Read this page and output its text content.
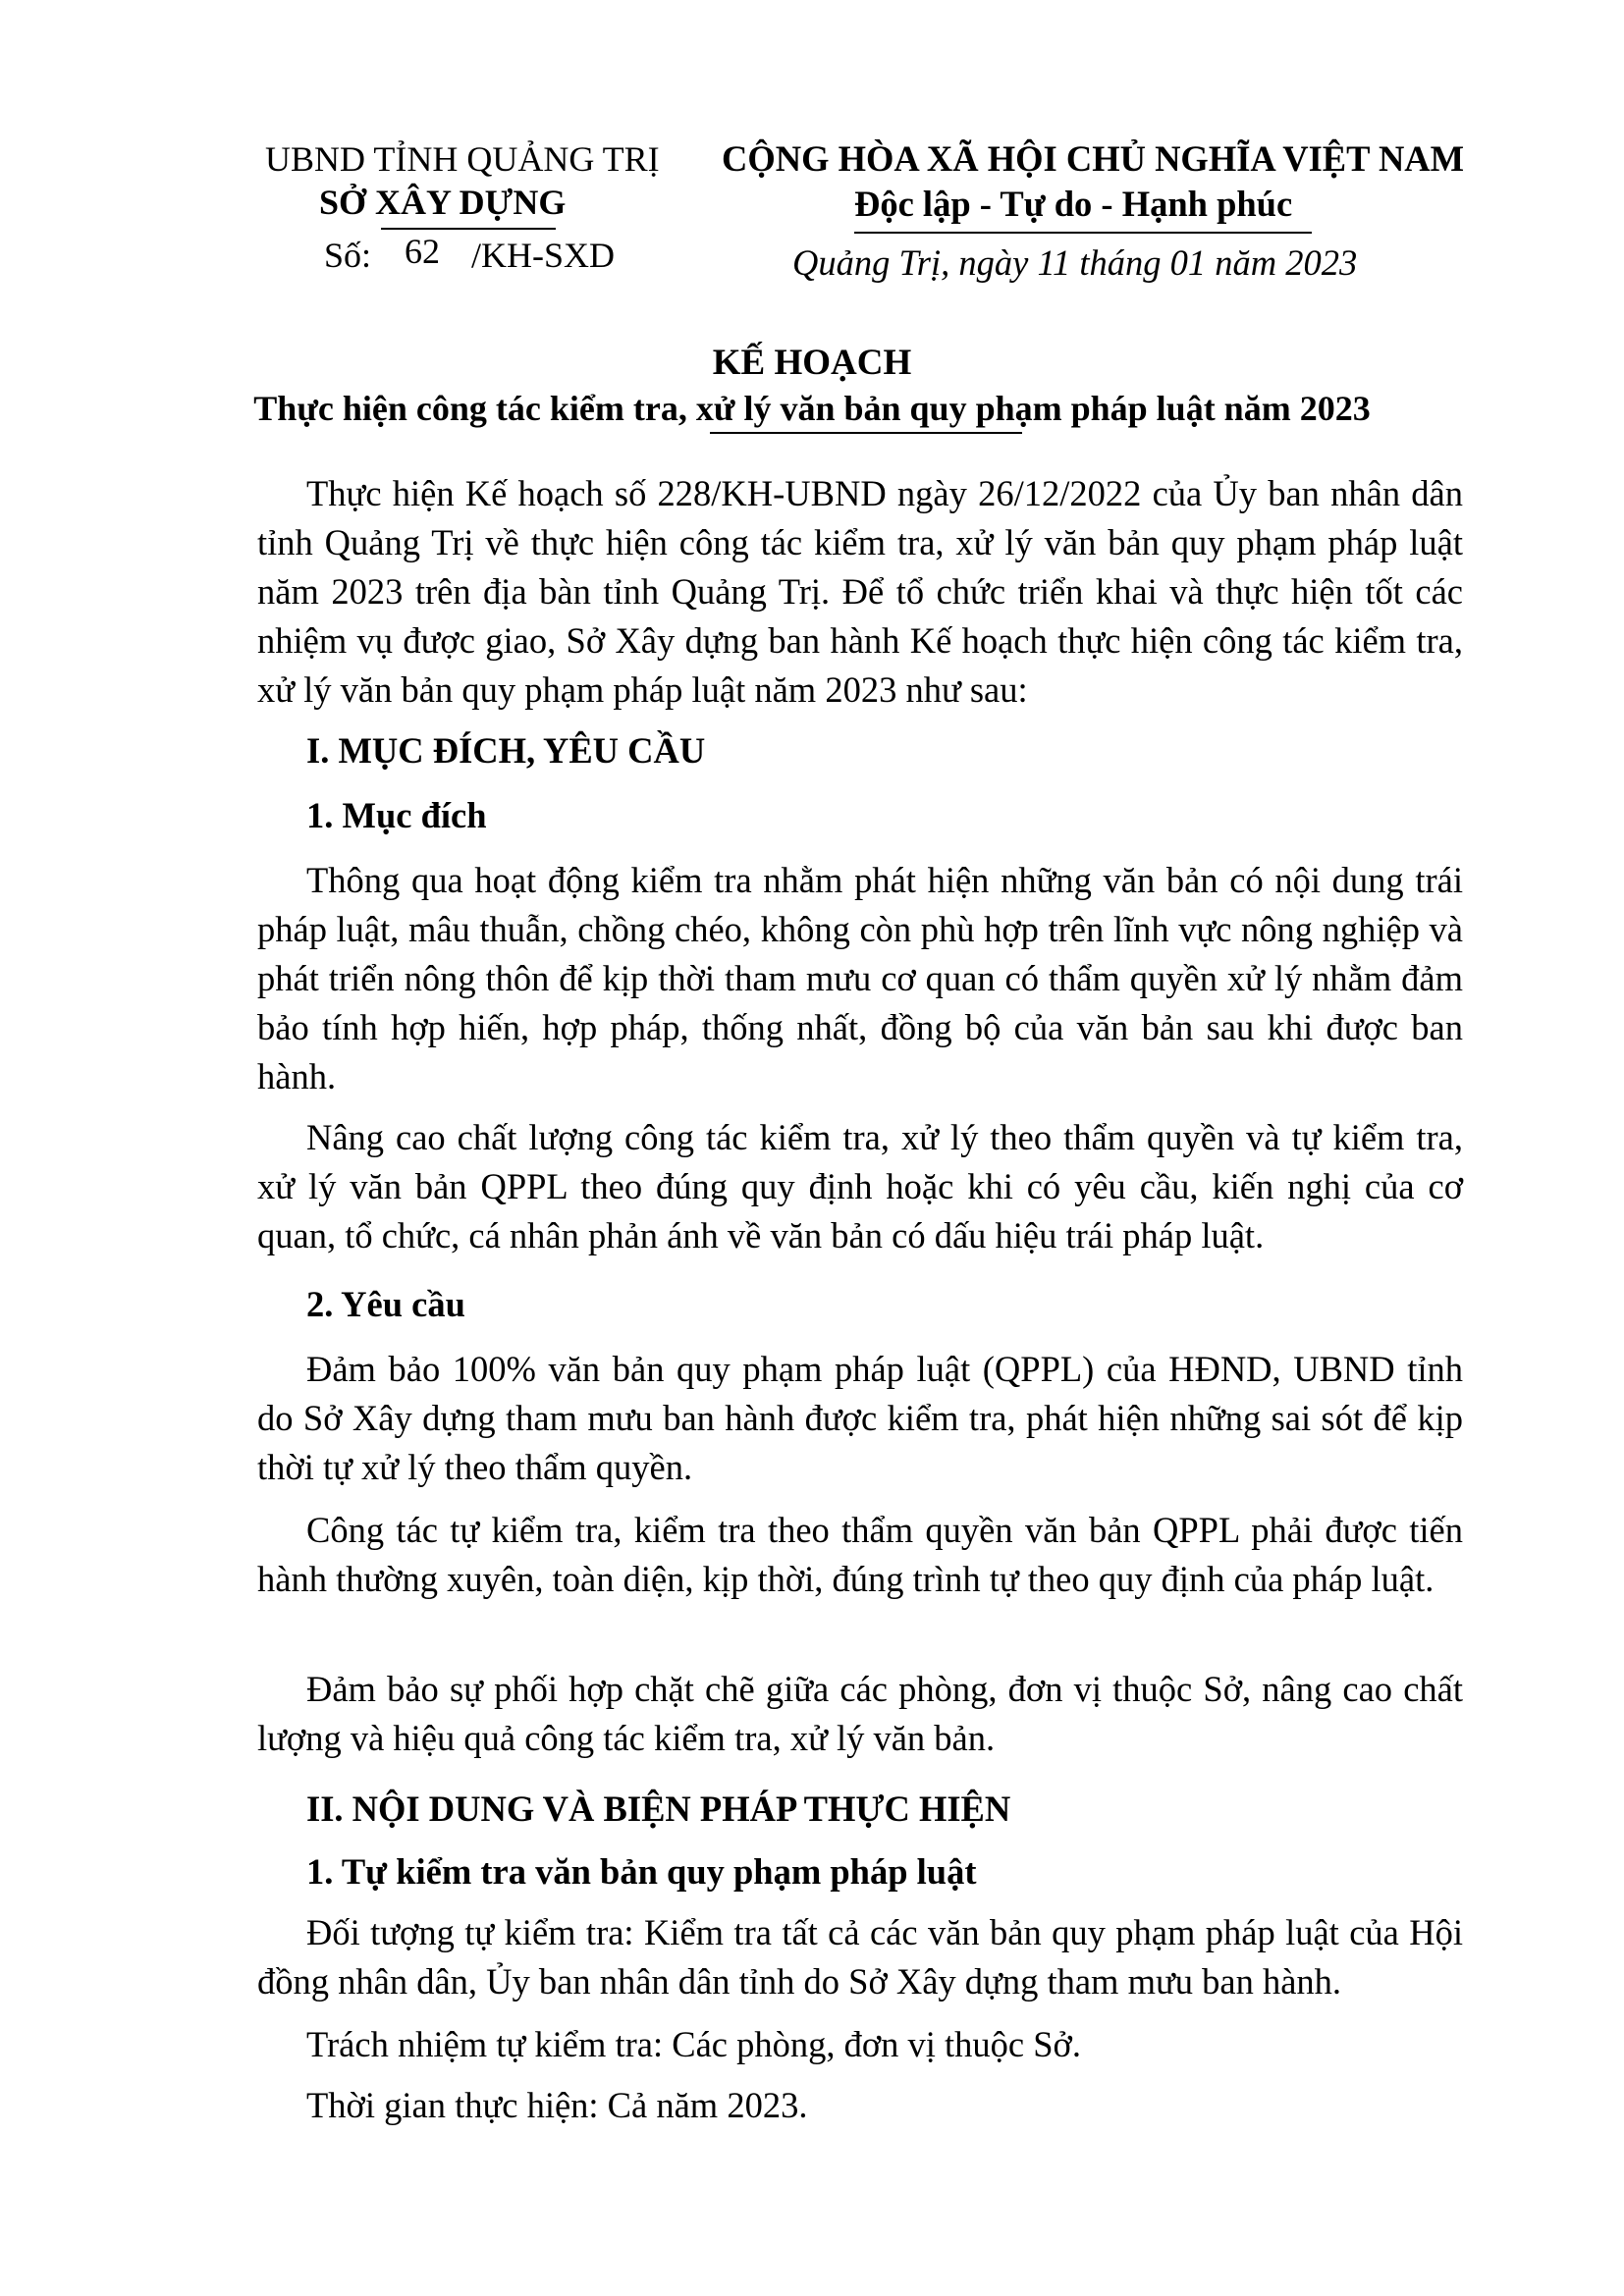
UBND TỈNH QUẢNG TRỊ
SỞ XÂY DỰNG
Số: 62 /KH-SXD
CỘNG HÒA XÃ HỘI CHỦ NGHĨA VIỆT NAM
Độc lập - Tự do - Hạnh phúc
Quảng Trị, ngày 11 tháng 01 năm 2023
KẾ HOẠCH
Thực hiện công tác kiểm tra, xử lý văn bản quy phạm pháp luật năm 2023

Thực hiện Kế hoạch số 228/KH-UBND ngày 26/12/2022 của Ủy ban nhân dân tỉnh Quảng Trị về thực hiện công tác kiểm tra, xử lý văn bản quy phạm pháp luật năm 2023 trên địa bàn tỉnh Quảng Trị. Để tổ chức triển khai và thực hiện tốt các nhiệm vụ được giao, Sở Xây dựng ban hành Kế hoạch thực hiện công tác kiểm tra, xử lý văn bản quy phạm pháp luật năm 2023 như sau:

I. MỤC ĐÍCH, YÊU CẦU
1. Mục đích

Thông qua hoạt động kiểm tra nhằm phát hiện những văn bản có nội dung trái pháp luật, mâu thuẫn, chồng chéo, không còn phù hợp trên lĩnh vực nông nghiệp và phát triển nông thôn để kịp thời tham mưu cơ quan có thẩm quyền xử lý nhằm đảm bảo tính hợp hiến, hợp pháp, thống nhất, đồng bộ của văn bản sau khi được ban hành.

Nâng cao chất lượng công tác kiểm tra, xử lý theo thẩm quyền và tự kiểm tra, xử lý văn bản QPPL theo đúng quy định hoặc khi có yêu cầu, kiến nghị của cơ quan, tổ chức, cá nhân phản ánh về văn bản có dấu hiệu trái pháp luật.

2. Yêu cầu

Đảm bảo 100% văn bản quy phạm pháp luật (QPPL) của HĐND, UBND tỉnh do Sở Xây dựng tham mưu ban hành được kiểm tra, phát hiện những sai sót để kịp thời tự xử lý theo thẩm quyền.

Công tác tự kiểm tra, kiểm tra theo thẩm quyền văn bản QPPL phải được tiến hành thường xuyên, toàn diện, kịp thời, đúng trình tự theo quy định của pháp luật.

Đảm bảo sự phối hợp chặt chẽ giữa các phòng, đơn vị thuộc Sở, nâng cao chất lượng và hiệu quả công tác kiểm tra, xử lý văn bản.

II. NỘI DUNG VÀ BIỆN PHÁP THỰC HIỆN
1. Tự kiểm tra văn bản quy phạm pháp luật

Đối tượng tự kiểm tra: Kiểm tra tất cả các văn bản quy phạm pháp luật của Hội đồng nhân dân, Ủy ban nhân dân tỉnh do Sở Xây dựng tham mưu ban hành.

Trách nhiệm tự kiểm tra: Các phòng, đơn vị thuộc Sở.

Thời gian thực hiện: Cả năm 2023.
